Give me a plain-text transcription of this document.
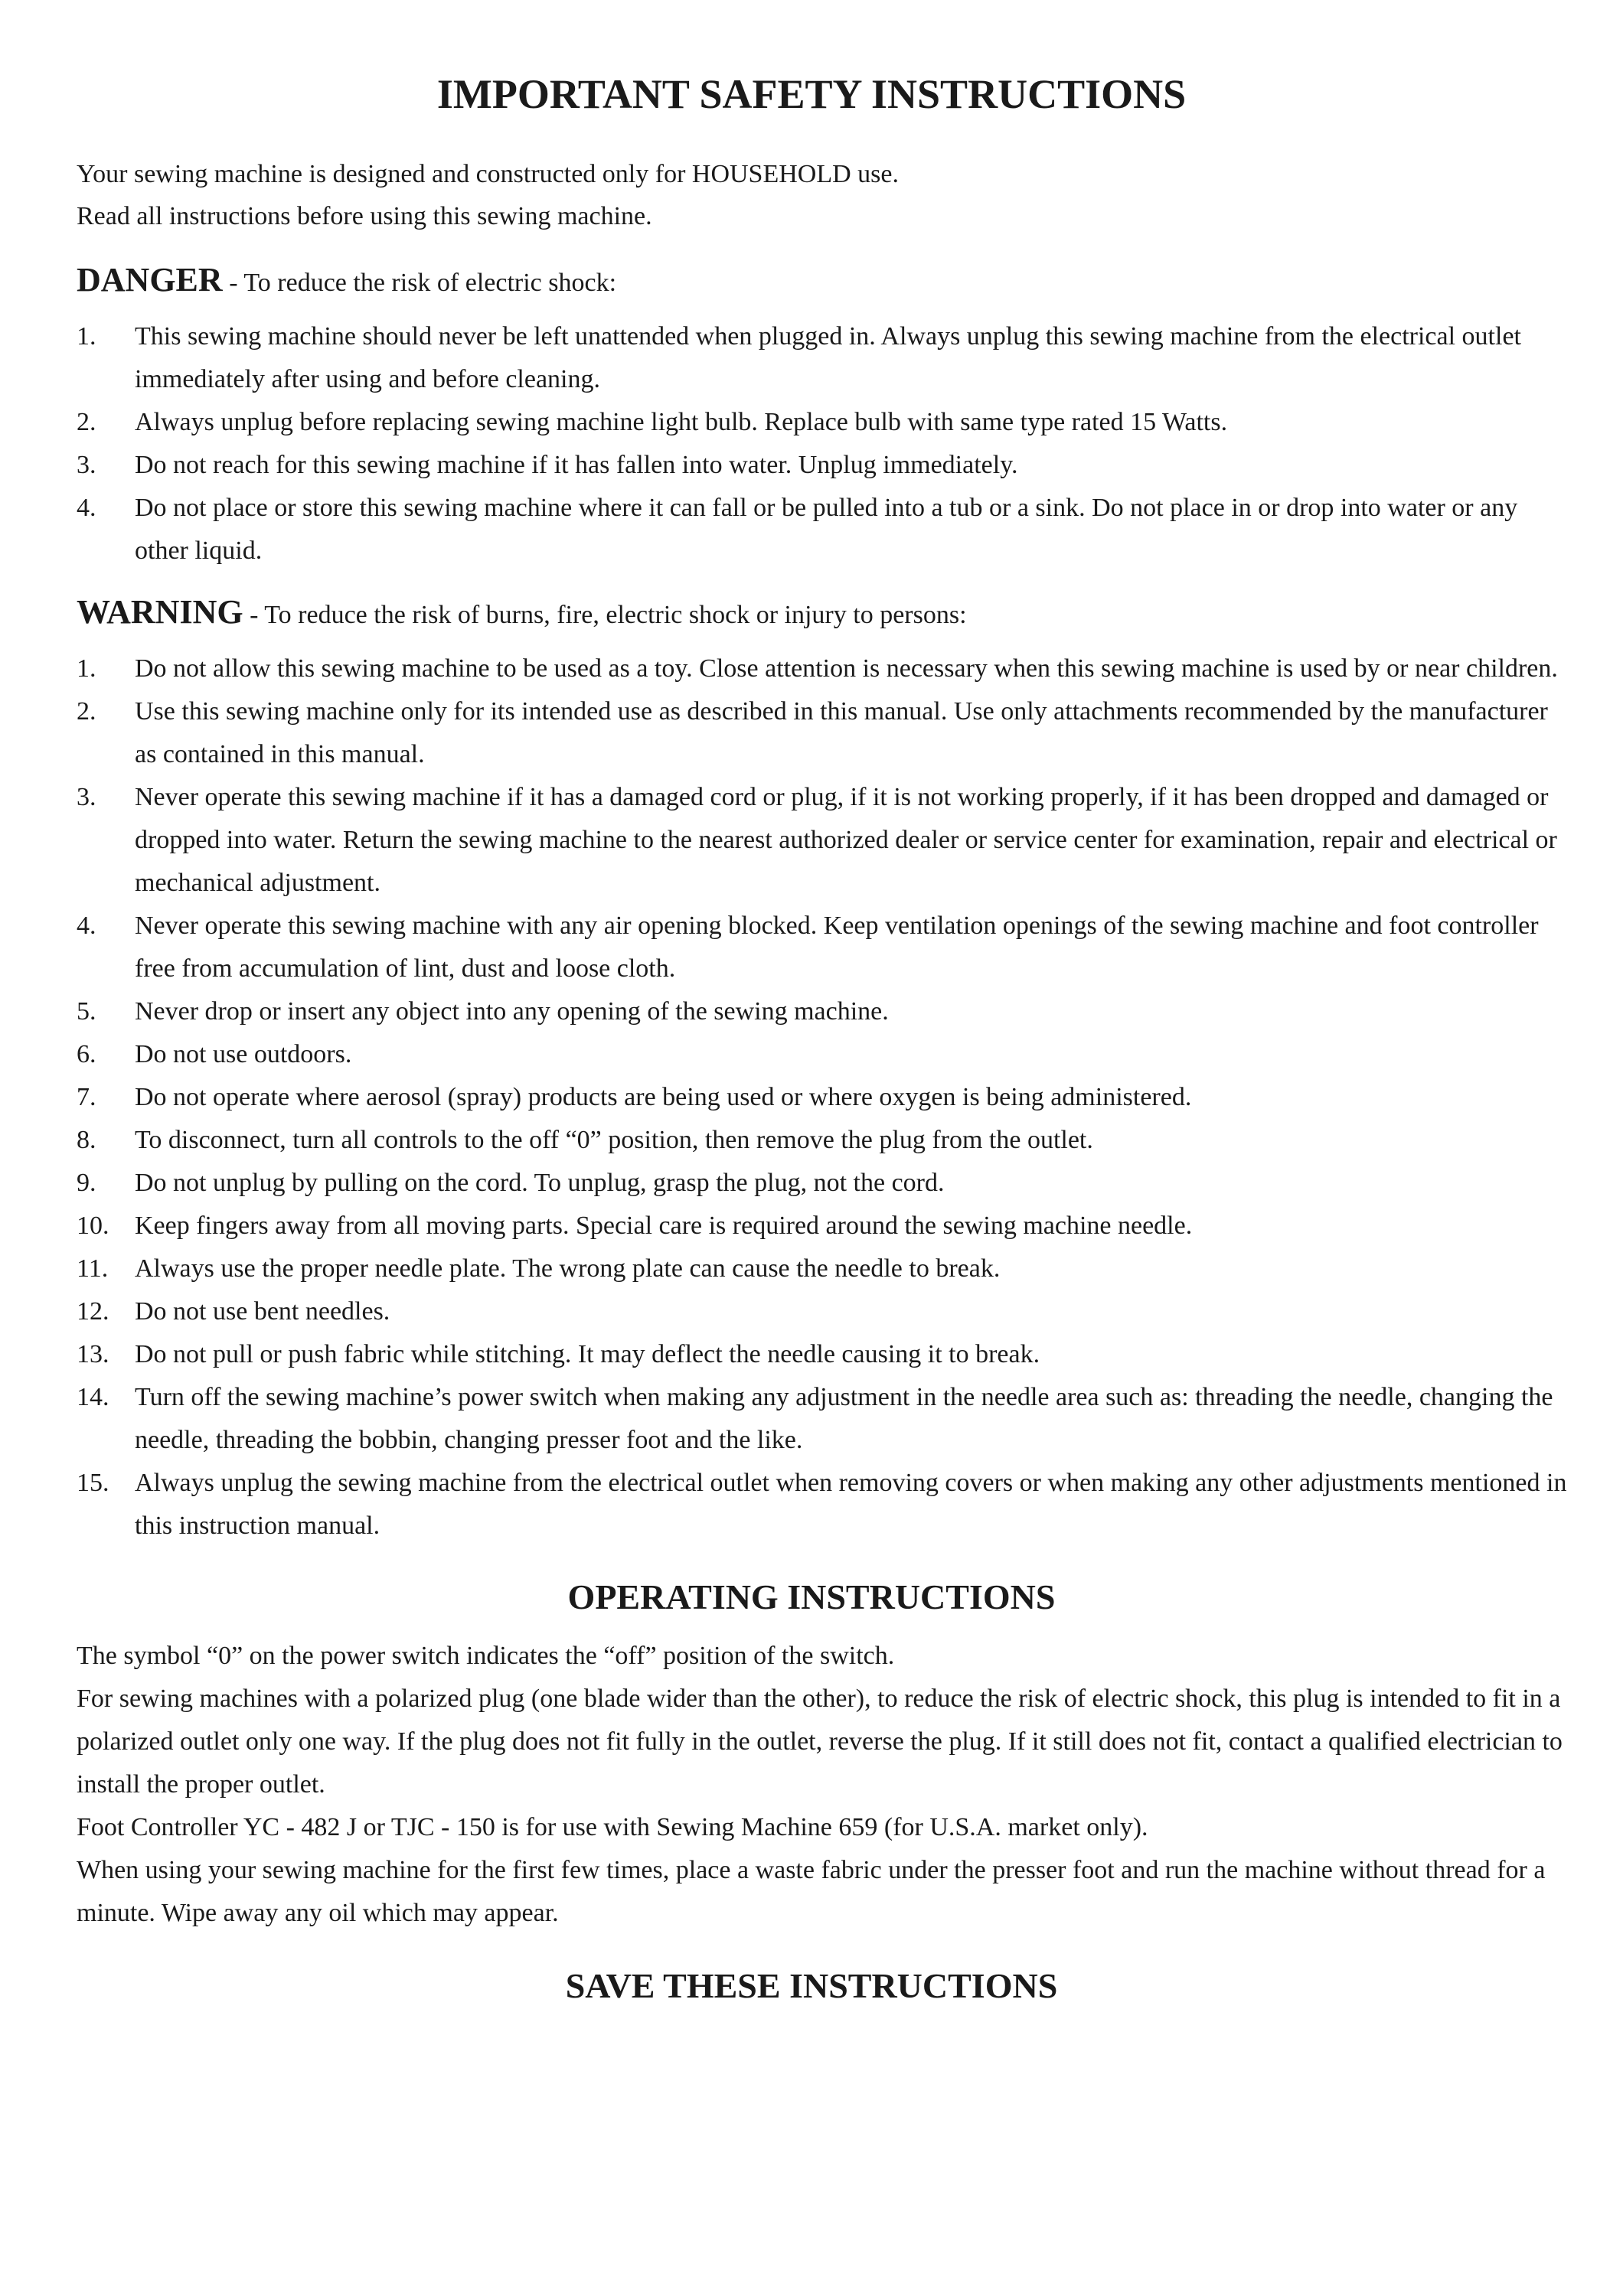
IMPORTANT SAFETY INSTRUCTIONS

Your sewing machine is designed and constructed only for HOUSEHOLD use.

Read all instructions before using this sewing machine.

DANGER - To reduce the risk of electric shock:
1.	This sewing machine should never be left unattended when plugged in. Always unplug this sewing machine from the electrical outlet immediately after using and before cleaning.
2.	Always unplug before replacing sewing machine light bulb. Replace bulb with same type rated 15 Watts.
3.	Do not reach for this sewing machine if it has fallen into water. Unplug immediately.
4.	Do not place or store this sewing machine where it can fall or be pulled into a tub or a sink. Do not place in or drop into water or any other liquid.
WARNING - To reduce the risk of burns, fire, electric shock or injury to persons:
1.	Do not allow this sewing machine to be used as a toy. Close attention is necessary when this sewing machine is used by or near children.
2.	Use this sewing machine only for its intended use as described in this manual. Use only attachments recommended by the manufacturer as contained in this manual.
3.	Never operate this sewing machine if it has a damaged cord or plug, if it is not working properly, if it has been dropped and damaged or dropped into water. Return the sewing machine to the nearest authorized dealer or service center for examination, repair and electrical or mechanical adjustment.
4.	Never operate this sewing machine with any air opening blocked. Keep ventilation openings of the sewing machine and foot controller free from accumulation of lint, dust and loose cloth.
5.	Never drop or insert any object into any opening of the sewing machine.
6.	Do not use outdoors.
7.	Do not operate where aerosol (spray) products are being used or where oxygen is being administered.
8.	To disconnect, turn all controls to the off “0” position, then remove the plug from the outlet.
9.	Do not unplug by pulling on the cord. To unplug, grasp the plug, not the cord.
10. Keep fingers away from all moving parts. Special care is required around the sewing machine needle.
11.	Always use the proper needle plate. The wrong plate can cause the needle to break.
12. Do not use bent needles.
13. Do not pull or push fabric while stitching. It may deflect the needle causing it to break.
14. Turn off the sewing machine’s power switch when making any adjustment in the needle area such as: threading the needle, changing the needle, threading the bobbin, changing presser foot and the like.
15. Always unplug the sewing machine from the electrical outlet when removing covers or when making any other adjustments mentioned in this instruction manual.
OPERATING INSTRUCTIONS

The symbol “0” on the power switch indicates the “off” position of the switch.

For sewing machines with a polarized plug (one blade wider than the other), to reduce the risk of electric shock, this plug is intended to fit in a polarized outlet only one way. If the plug does not fit fully in the outlet, reverse the plug. If it still does not fit, contact a qualified electrician to install the proper outlet.

Foot Controller YC - 482 J or TJC - 150 is for use with Sewing Machine 659 (for U.S.A. market only).

When using your sewing machine for the first few times, place a waste fabric under the presser foot and run the machine without thread for a minute. Wipe away any oil which may appear.

SAVE THESE INSTRUCTIONS
